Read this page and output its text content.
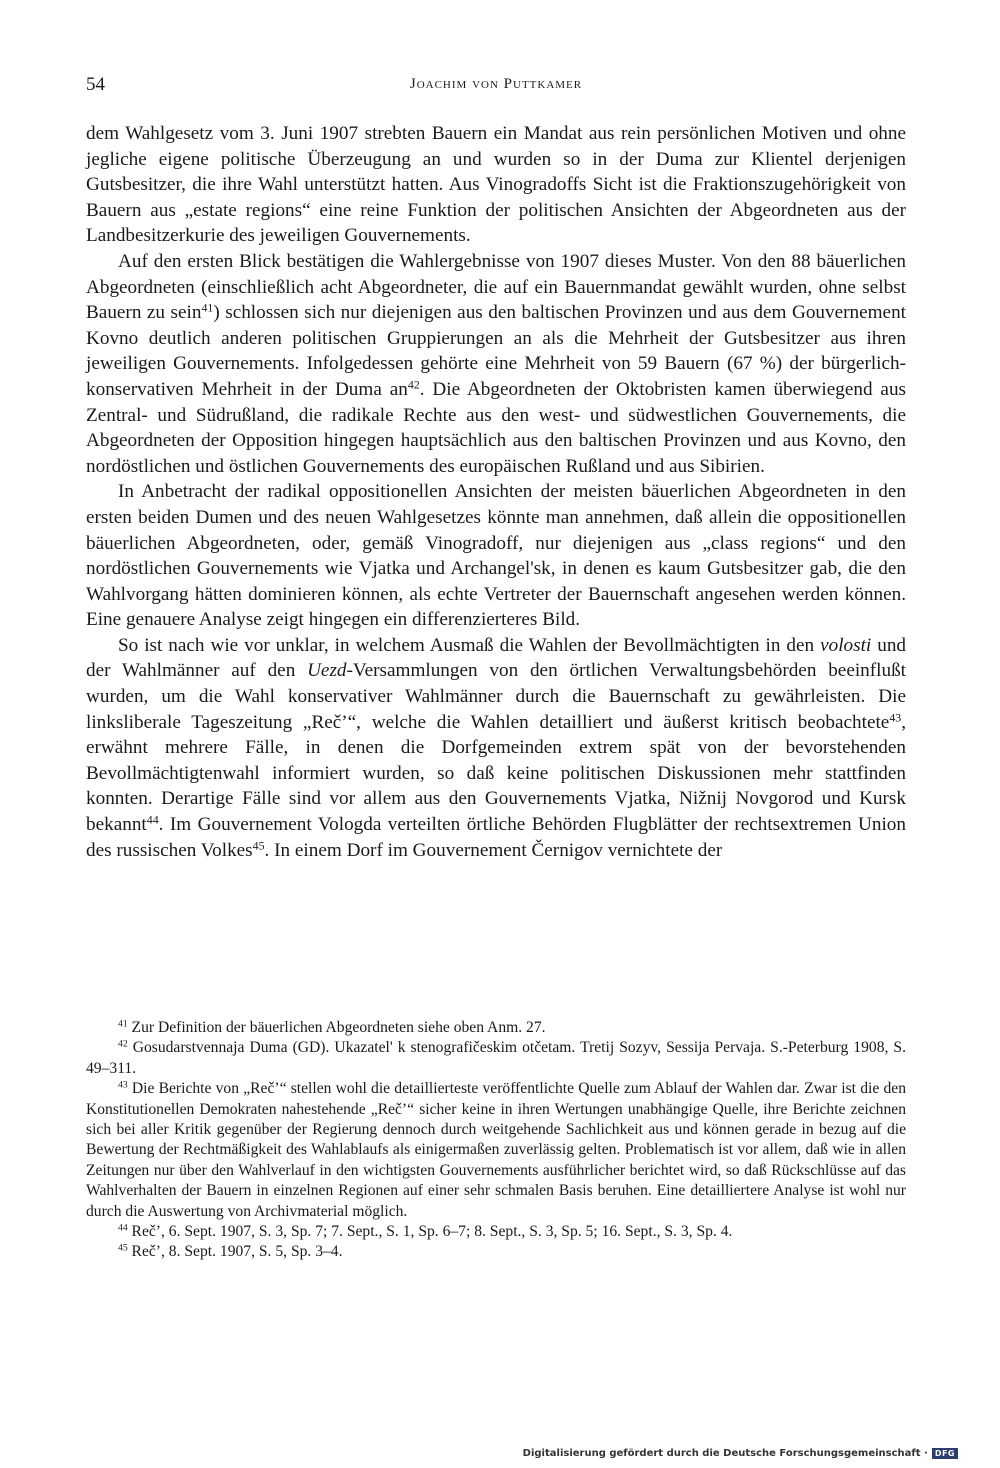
54	Joachim von Puttkamer

dem Wahlgesetz vom 3. Juni 1907 strebten Bauern ein Mandat aus rein persönlichen Motiven und ohne jegliche eigene politische Überzeugung an und wurden so in der Duma zur Klientel derjenigen Gutsbesitzer, die ihre Wahl unterstützt hatten. Aus Vinogradoffs Sicht ist die Fraktionszugehörigkeit von Bauern aus „estate regions“ eine reine Funktion der politischen Ansichten der Abgeordneten aus der Landbesitzerkurie des jeweiligen Gouvernements.

Auf den ersten Blick bestätigen die Wahlergebnisse von 1907 dieses Muster. Von den 88 bäuerlichen Abgeordneten (einschließlich acht Abgeordneter, die auf ein Bauernmandat gewählt wurden, ohne selbst Bauern zu sein$^{41}$) schlossen sich nur diejenigen aus den baltischen Provinzen und aus dem Gouvernement Kovno deutlich anderen politischen Gruppierungen an als die Mehrheit der Gutsbesitzer aus ihren jeweiligen Gouvernements. Infolgedessen gehörte eine Mehrheit von 59 Bauern (67 %) der bürgerlich-konservativen Mehrheit in der Duma $an^{42}$. Die Abgeordneten der Oktobristen kamen überwiegend aus Zentral- und Südrußland, die radikale Rechte aus den west- und südwestlichen Gouvernements, die Abgeordneten der Opposition hingegen hauptsächlich aus den baltischen Provinzen und aus Kovno, den nordöstlichen und östlichen Gouvernements des europäischen Rußland und aus Sibirien.

In Anbetracht der radikal oppositionellen Ansichten der meisten bäuerlichen Abgeordneten in den ersten beiden Dumen und des neuen Wahlgesetzes könnte man annehmen, daß allein die oppositionellen bäuerlichen Abgeordneten, oder, gemäß Vinogradoff, nur diejenigen aus „class regions“ und den nordöstlichen Gouvernements wie Vjatka und Archangel'sk, in denen es kaum Gutsbesitzer gab, die den Wahlvorgang hätten dominieren können, als echte Vertreter der Bauernschaft angesehen werden können. Eine genauere Analyse zeigt hingegen ein differenzierteres Bild.

So ist nach wie vor unklar, in welchem Ausmaß die Wahlen der Bevollmächtigten in den volosti und der Wahlmänner auf den Uezd-Versammlungen von den örtlichen Verwaltungsbehörden beeinflußt wurden, um die Wahl konservativer Wahlmänner durch die Bauernschaft zu gewährleisten. Die linksliberale Tageszeitung „Reč’“, welche die Wahlen detailliert und äußerst kritisch beobachtete$^{43}$, erwähnt mehrere Fälle, in denen die Dorfgemeinden extrem spät von der bevorstehenden Bevollmächtigtenwahl informiert wurden, so daß keine politischen Diskussionen mehr stattfinden konnten. Derartige Fälle sind vor allem aus den Gouvernements Vjatka, Nižnij Novgorod und Kursk bekannt$^{44}$. Im Gouvernement Vologda verteilten örtliche Behörden Flugblätter der rechtsextremen Union des russischen Volkes$^{45}$. In einem Dorf im Gouvernement Černigov vernichtete der

$^{41}$ Zur Definition der bäuerlichen Abgeordneten siehe oben Anm. 27.

$^{42}$ Gosudarstvennaja Duma (GD). Ukazatel' k stenografičeskim otčetam. Tretij Sozyv, Sessija Pervaja. S.-Peterburg 1908, S. 49–311.

$^{43}$ Die Berichte von „Reč’“ stellen wohl die detaillierteste veröffentlichte Quelle zum Ablauf der Wahlen dar. Zwar ist die den Konstitutionellen Demokraten nahestehende „Reč’“ sicher keine in ihren Wertungen unabhängige Quelle, ihre Berichte zeichnen sich bei aller Kritik gegenüber der Regierung dennoch durch weitgehende Sachlichkeit aus und können gerade in bezug auf die Bewertung der Rechtmäßigkeit des Wahlablaufs als einigermaßen zuverlässig gelten. Problematisch ist vor allem, daß wie in allen Zeitungen nur über den Wahlverlauf in den wichtigsten Gouvernements ausführlicher berichtet wird, so daß Rückschlüsse auf das Wahlverhalten der Bauern in einzelnen Regionen auf einer sehr schmalen Basis beruhen. Eine detailliertere Analyse ist wohl nur durch die Auswertung von Archivmaterial möglich.

$^{44}$ Reč’, 6. Sept. 1907, S. 3, Sp. 7; 7. Sept., S. 1, Sp. 6–7; 8. Sept., S. 3, Sp. 5; 16. Sept., S. 3, Sp. 4.

$^{45}$ Reč’, 8. Sept. 1907, S. 5, Sp. 3–4.

Digitalisierung gefördert durch die Deutsche Forschungsgemeinschaft · DFG
